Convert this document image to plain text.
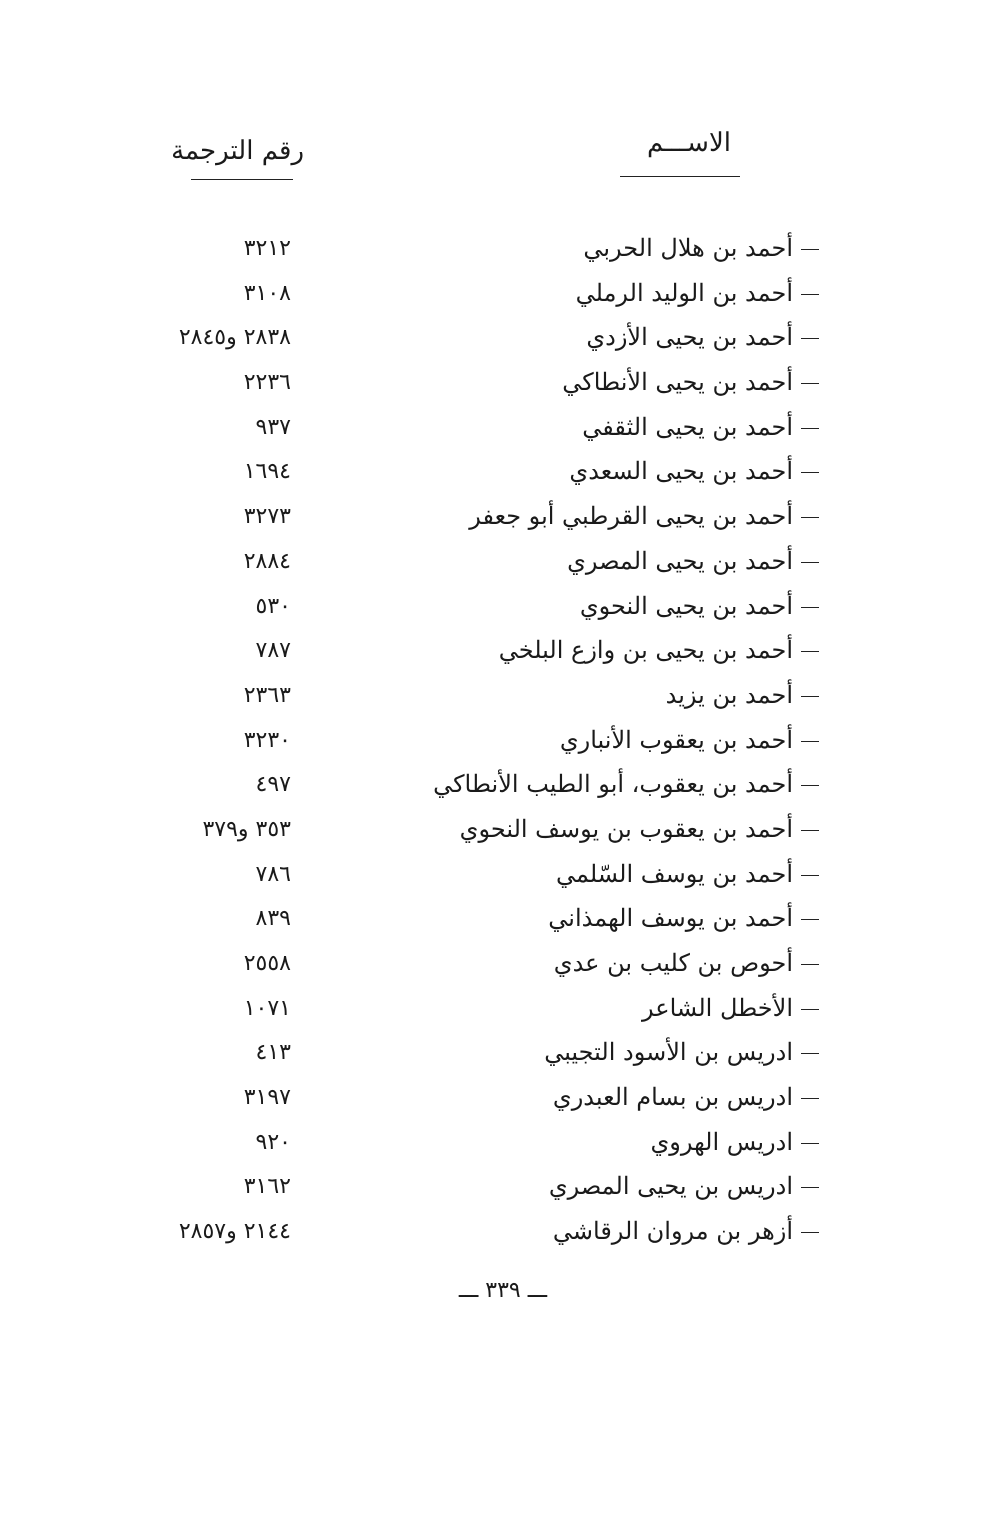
الاســـم
رقم الترجمة
أحمد بن هلال الحربي
٣٢١٢
أحمد بن الوليد الرملي
٣١٠٨
أحمد بن يحيى الأزدي
٢٨٣٨ و٢٨٤٥
أحمد بن يحيى الأنطاكي
٢٢٣٦
أحمد بن يحيى الثقفي
٩٣٧
أحمد بن يحيى السعدي
١٦٩٤
أحمد بن يحيى القرطبي أبو جعفر
٣٢٧٣
أحمد بن يحيى المصري
٢٨٨٤
أحمد بن يحيى النحوي
٥٣٠
أحمد بن يحيى بن وازع البلخي
٧٨٧
أحمد بن يزيد
٢٣٦٣
أحمد بن يعقوب الأنباري
٣٢٣٠
أحمد بن يعقوب، أبو الطيب الأنطاكي
٤٩٧
أحمد بن يعقوب بن يوسف النحوي
٣٥٣ و٣٧٩
أحمد بن يوسف السّلمي
٧٨٦
أحمد بن يوسف الهمذاني
٨٣٩
أحوص بن كليب بن عدي
٢٥٥٨
الأخطل الشاعر
١٠٧١
ادريس بن الأسود التجيبي
٤١٣
ادريس بن بسام العبدري
٣١٩٧
ادريس الهروي
٩٢٠
ادريس بن يحيى المصري
٣١٦٢
أزهر بن مروان الرقاشي
٢١٤٤ و٢٨٥٧
ـــ ٣٣٩ ـــ
